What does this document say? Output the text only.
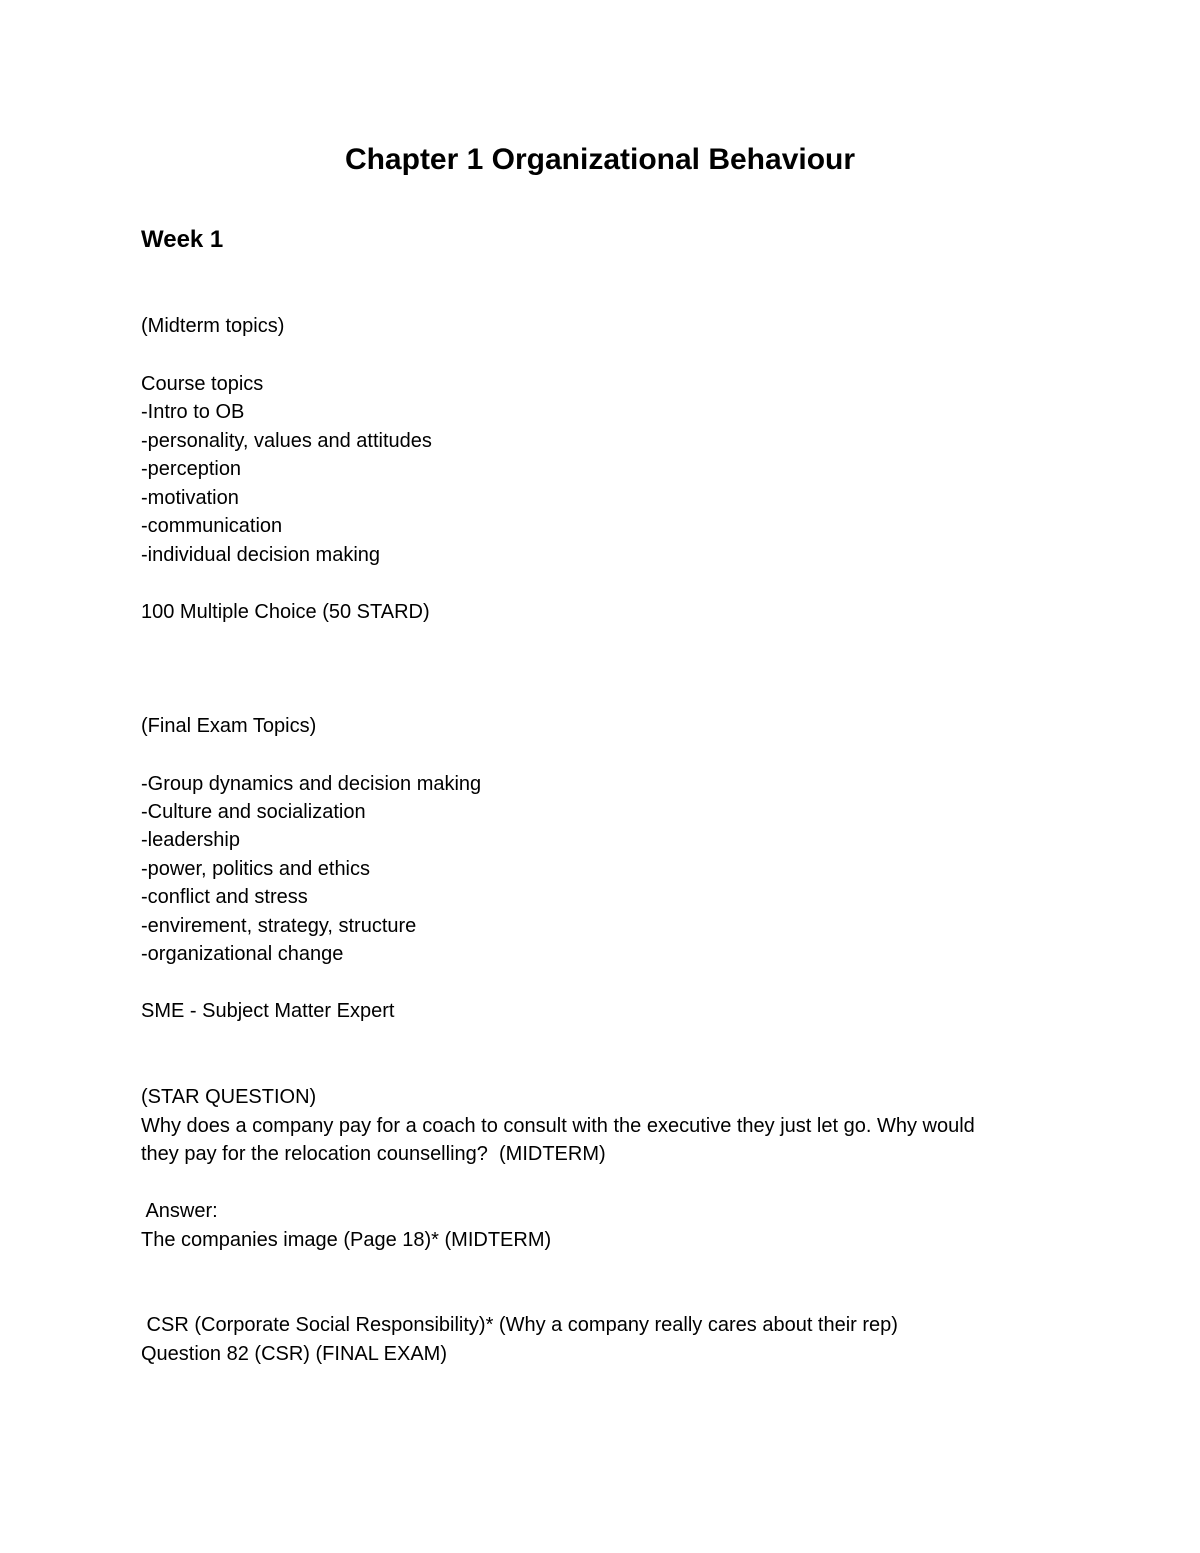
Chapter 1 Organizational Behaviour
Week 1

(Midterm topics)

Course topics

-Intro to OB

-personality, values and attitudes

-perception

-motivation

-communication

-individual decision making

100 Multiple Choice (50 STARD)

(Final Exam Topics)

-Group dynamics and decision making

-Culture and socialization

-leadership

-power, politics and ethics

-conflict and stress

-envirement, strategy, structure

-organizational change

SME - Subject Matter Expert

(STAR QUESTION)

Why does a company pay for a coach to consult with the executive they just let go. Why would

they pay for the relocation counselling?  (MIDTERM)

Answer:

The companies image (Page 18)* (MIDTERM)

CSR (Corporate Social Responsibility)* (Why a company really cares about their rep)

Question 82 (CSR) (FINAL EXAM)
